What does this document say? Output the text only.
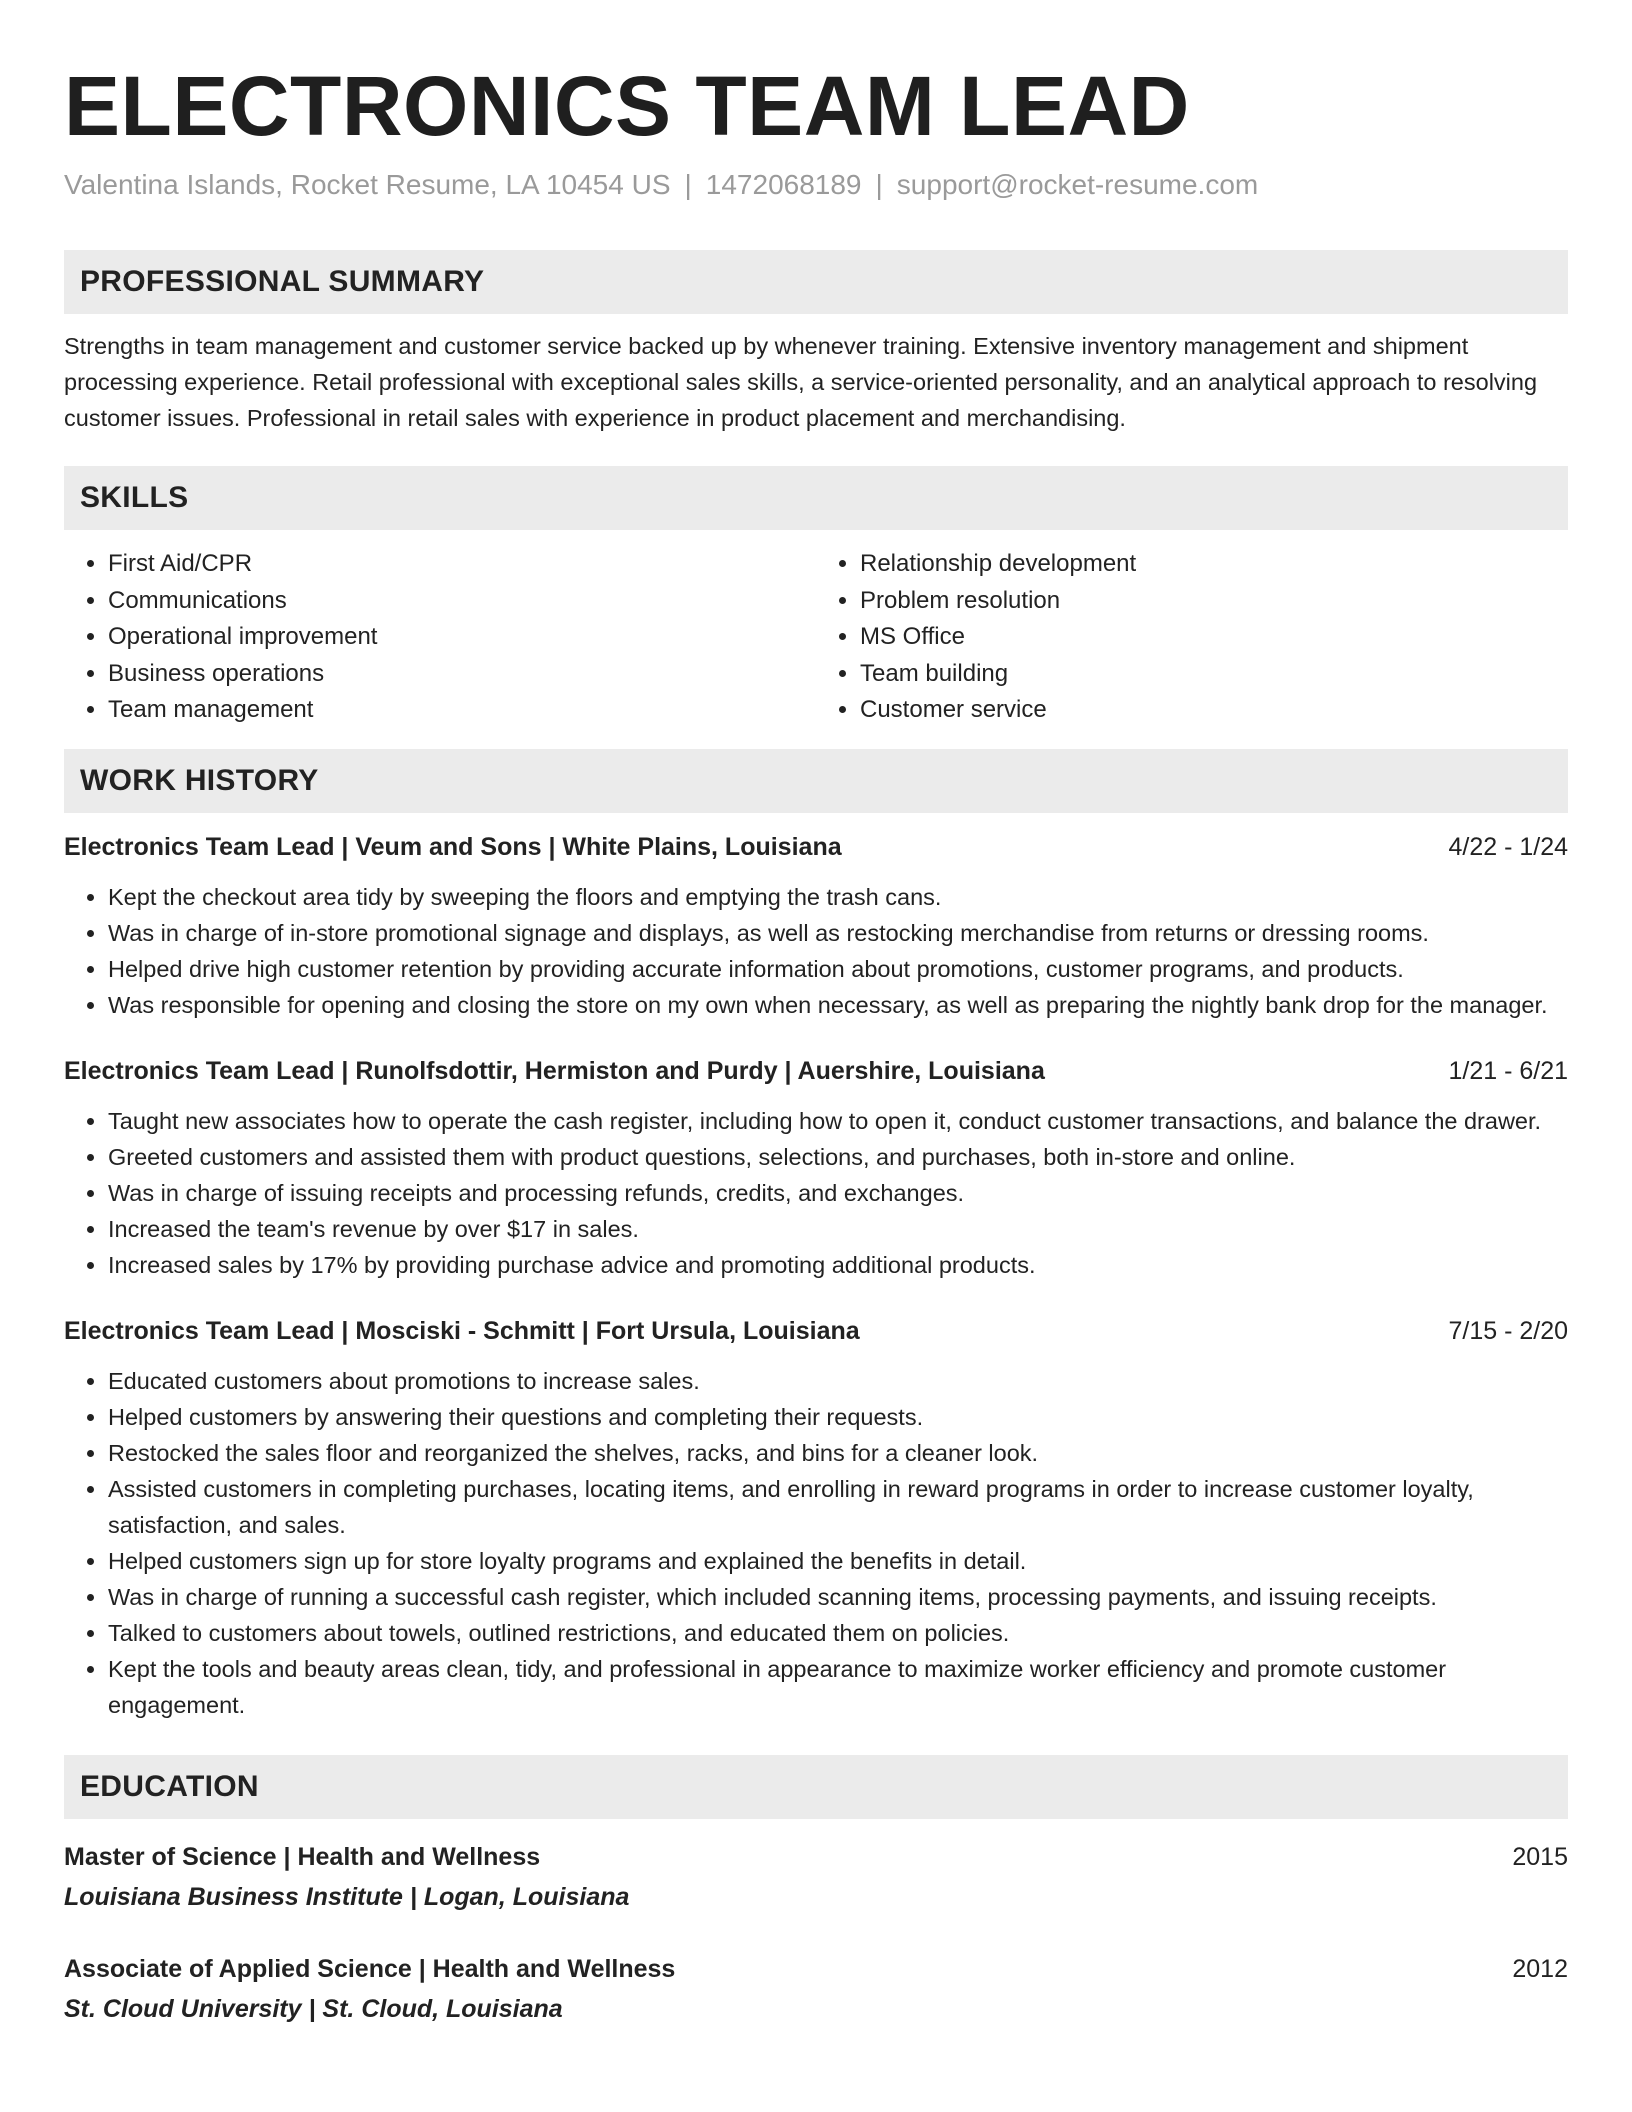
ELECTRONICS TEAM LEAD
Valentina Islands, Rocket Resume, LA 10454 US | 1472068189 | support@rocket-resume.com
PROFESSIONAL SUMMARY
Strengths in team management and customer service backed up by whenever training. Extensive inventory management and shipment processing experience. Retail professional with exceptional sales skills, a service-oriented personality, and an analytical approach to resolving customer issues. Professional in retail sales with experience in product placement and merchandising.
SKILLS
• First Aid/CPR
• Communications
• Operational improvement
• Business operations
• Team management
• Relationship development
• Problem resolution
• MS Office
• Team building
• Customer service
WORK HISTORY
Electronics Team Lead | Veum and Sons | White Plains, Louisiana	4/22 - 1/24
• Kept the checkout area tidy by sweeping the floors and emptying the trash cans.
• Was in charge of in-store promotional signage and displays, as well as restocking merchandise from returns or dressing rooms.
• Helped drive high customer retention by providing accurate information about promotions, customer programs, and products.
• Was responsible for opening and closing the store on my own when necessary, as well as preparing the nightly bank drop for the manager.
Electronics Team Lead | Runolfsdottir, Hermiston and Purdy | Auershire, Louisiana	1/21 - 6/21
• Taught new associates how to operate the cash register, including how to open it, conduct customer transactions, and balance the drawer.
• Greeted customers and assisted them with product questions, selections, and purchases, both in-store and online.
• Was in charge of issuing receipts and processing refunds, credits, and exchanges.
• Increased the team's revenue by over $17 in sales.
• Increased sales by 17% by providing purchase advice and promoting additional products.
Electronics Team Lead | Mosciski - Schmitt | Fort Ursula, Louisiana	7/15 - 2/20
• Educated customers about promotions to increase sales.
• Helped customers by answering their questions and completing their requests.
• Restocked the sales floor and reorganized the shelves, racks, and bins for a cleaner look.
• Assisted customers in completing purchases, locating items, and enrolling in reward programs in order to increase customer loyalty, satisfaction, and sales.
• Helped customers sign up for store loyalty programs and explained the benefits in detail.
• Was in charge of running a successful cash register, which included scanning items, processing payments, and issuing receipts.
• Talked to customers about towels, outlined restrictions, and educated them on policies.
• Kept the tools and beauty areas clean, tidy, and professional in appearance to maximize worker efficiency and promote customer engagement.
EDUCATION
Master of Science | Health and Wellness	2015
Louisiana Business Institute | Logan, Louisiana
Associate of Applied Science | Health and Wellness	2012
St. Cloud University | St. Cloud, Louisiana
